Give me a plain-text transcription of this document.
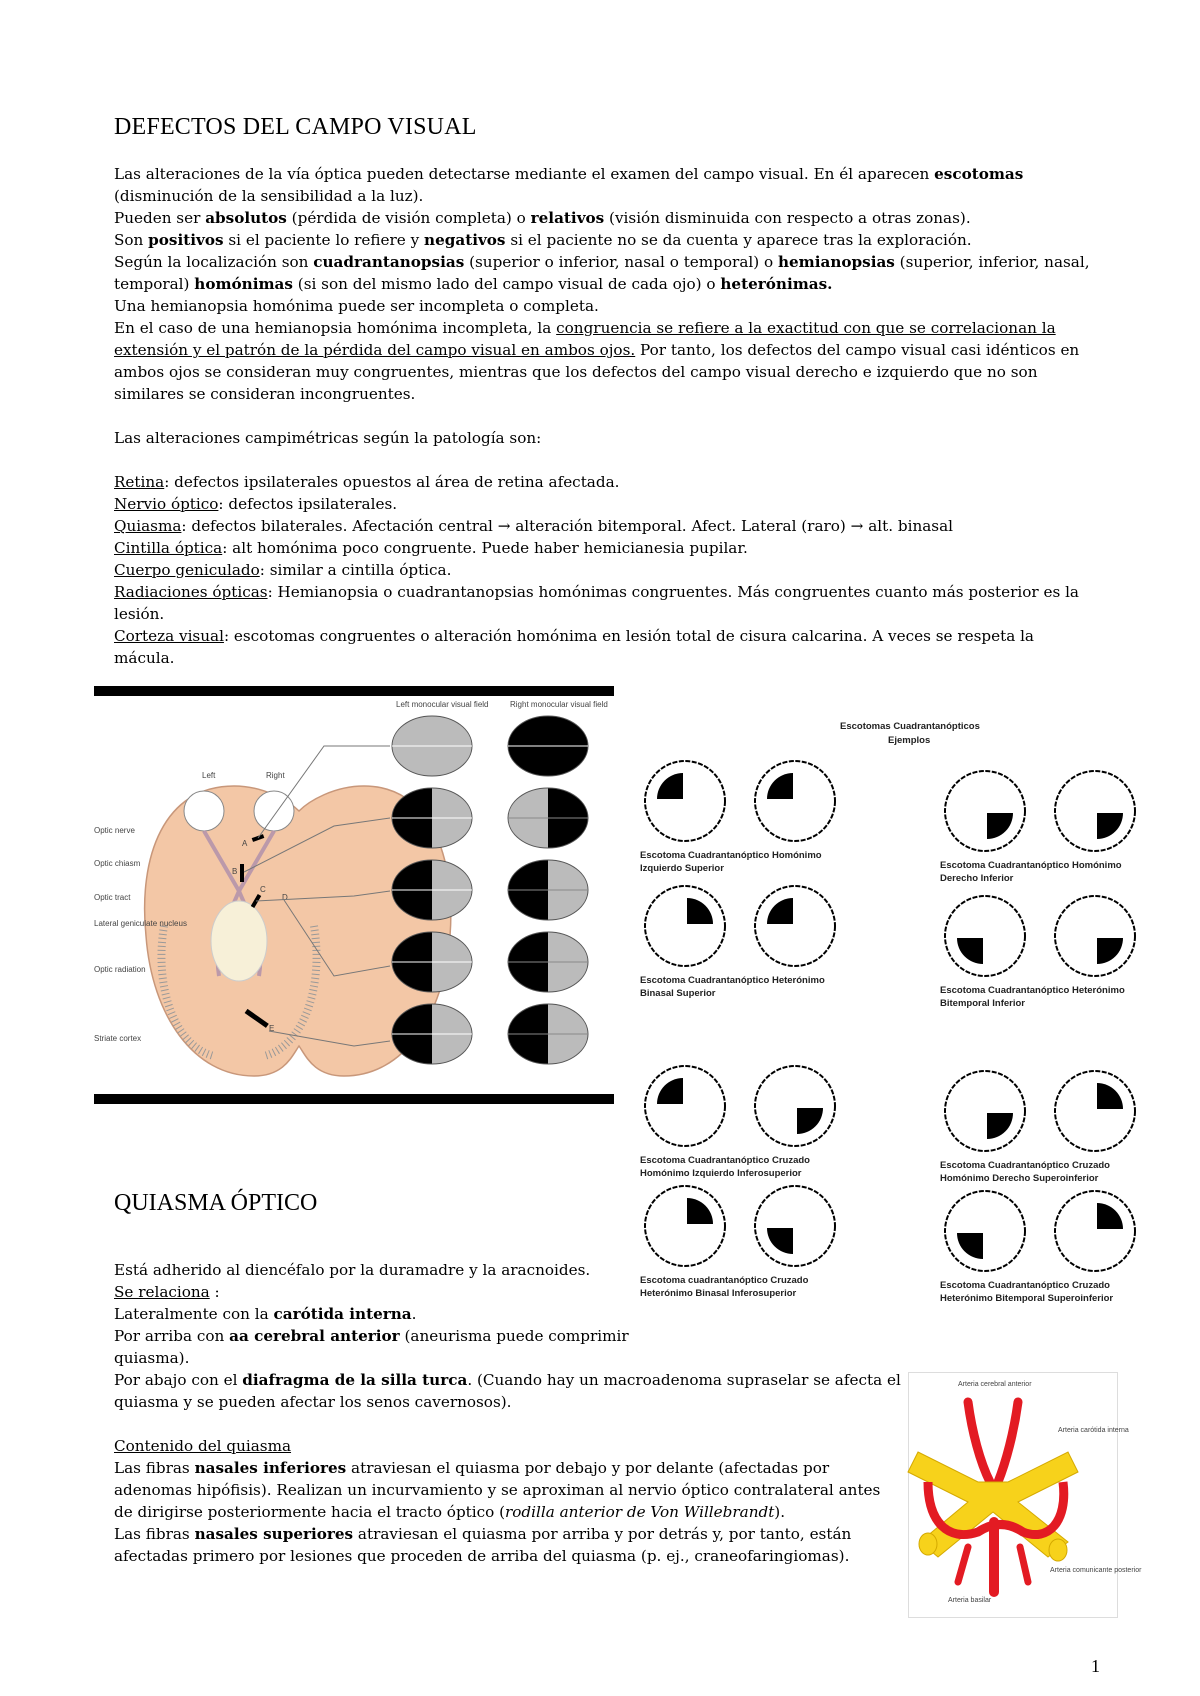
DEFECTOS DEL CAMPO VISUAL

Las alteraciones de la vía óptica pueden detectarse mediante el examen del campo visual. En él aparecen escotomas (disminución de la sensibilidad a la luz).

Pueden ser absolutos (pérdida de visión completa) o relativos (visión disminuida con respecto a otras zonas).

Son positivos si el paciente lo refiere y negativos si el paciente no se da cuenta y aparece tras la exploración.

Según la localización son cuadrantanopsias (superior o inferior, nasal o temporal) o hemianopsias (superior, inferior, nasal, temporal) homónimas (si son del mismo lado del campo visual de cada ojo) o heterónimas.

Una hemianopsia homónima puede ser incompleta o completa.

En el caso de una hemianopsia homónima incompleta, la congruencia se refiere a la exactitud con que se correlacionan la extensión y el patrón de la pérdida del campo visual en ambos ojos. Por tanto, los defectos del campo visual casi idénticos en ambos ojos se consideran muy congruentes, mientras que los defectos del campo visual derecho e izquierdo que no son similares se consideran incongruentes.

Las alteraciones campimétricas según la patología son:

Retina: defectos ipsilaterales opuestos al área de retina afectada.

Nervio óptico: defectos ipsilaterales.

Quiasma: defectos bilaterales. Afectación central → alteración bitemporal. Afect. Lateral (raro) → alt. binasal

Cintilla óptica: alt homónima poco congruente. Puede haber hemicianesia pupilar.

Cuerpo geniculado: similar a cintilla óptica.

Radiaciones ópticas: Hemianopsia o cuadrantanopsias homónimas congruentes. Más congruentes cuanto más posterior es la lesión.

Corteza visual: escotomas congruentes o alteración homónima en lesión total de cisura calcarina. A veces se respeta la mácula.

Left monocular visual field	Right monocular visual field
Left	Right
B
A
C
D
E
Optic nerve
Optic chiasm
Optic tract
Lateral geniculate nucleus
Optic radiation
Striate cortex
Escotomas Cuadrantanópticos
Ejemplos
Escotoma Cuadrantanóptico Homónimo Izquierdo Superior	Escotoma Cuadrantanóptico Homónimo Derecho Inferior
Escotoma Cuadrantanóptico Heterónimo Binasal Superior	Escotoma Cuadrantanóptico Heterónimo Bitemporal Inferior
Escotoma Cuadrantanóptico Cruzado Homónimo Izquierdo Inferosuperior
Escotoma Cuadrantanóptico Cruzado Homónimo Derecho Superoinferior
Escotoma cuadrantanóptico Cruzado Heterónimo Binasal Inferosuperior
Escotoma Cuadrantanóptico Cruzado Heterónimo Bitemporal Superoinferior
QUIASMA ÓPTICO

Está adherido al diencéfalo por la duramadre y la aracnoides.

Se relaciona :

Lateralmente con la carótida interna.

Por arriba con aa cerebral anterior (aneurisma puede comprimir quiasma).

Por abajo con el diafragma de la silla turca. (Cuando hay un macroadenoma supraselar se afecta el quiasma y se pueden afectar los senos cavernosos).

Contenido del quiasma

Las fibras nasales inferiores atraviesan el quiasma por debajo y por delante (afectadas por adenomas hipófisis). Realizan un incurvamiento y se aproximan al nervio óptico contralateral antes de dirigirse posteriormente hacia el tracto óptico (rodilla anterior de Von Willebrandt).

Las fibras nasales superiores atraviesan el quiasma por arriba y por detrás y, por tanto, están afectadas primero por lesiones que proceden de arriba del quiasma (p. ej., craneofaringiomas).

Arteria cerebral anterior
Arteria carótida interna
Arteria comunicante posterior
Arteria basilar
1
